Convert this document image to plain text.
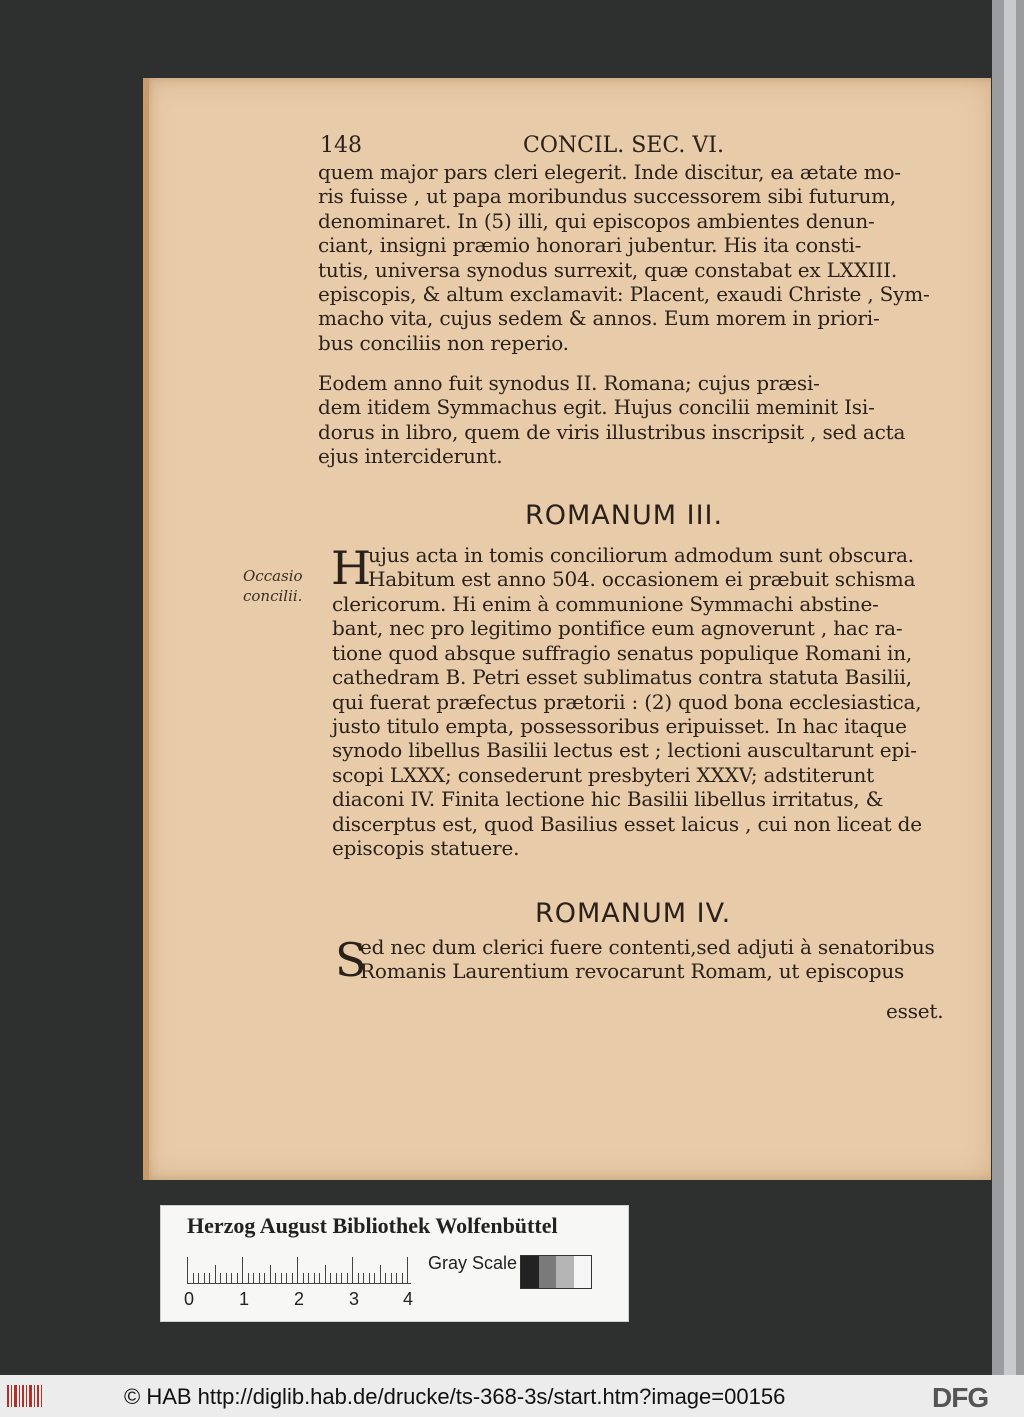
148	CONCIL. SEC. VI.
quem major pars cleri elegerit. Inde discitur, ea ætate mo-
ris fuisse , ut papa moribundus successorem sibi futurum,
denominaret. In (5) illi, qui episcopos ambientes denun-
ciant, insigni præmio honorari jubentur. His ita consti-
tutis, universa synodus surrexit, quæ constabat ex LXXIII.
episcopis, & altum exclamavit: Placent, exaudi Christe , Sym-
macho vita, cujus sedem & annos. Eum morem in priori-
bus conciliis non reperio.
Eodem anno fuit synodus II. Romana; cujus præsi-
dem itidem Symmachus egit. Hujus concilii meminit Isi-
dorus in libro, quem de viris illustribus inscripsit , sed acta
ejus interciderunt.
ROMANUM III.
Occasio
concilii.
H
ujus acta in tomis conciliorum admodum sunt obscura.
Habitum est anno 504. occasionem ei præbuit schisma
clericorum. Hi enim à communione Symmachi abstine-
bant, nec pro legitimo pontifice eum agnoverunt , hac ra-
tione quod absque suffragio senatus populique Romani in,
cathedram B. Petri esset sublimatus contra statuta Basilii,
qui fuerat præfectus prætorii : (2) quod bona ecclesiastica,
justo titulo empta, possessoribus eripuisset. In hac itaque
synodo libellus Basilii lectus est ; lectioni auscultarunt epi-
scopi LXXX; consederunt presbyteri XXXV; adstiterunt
diaconi IV. Finita lectione hic Basilii libellus irritatus, &
discerptus est, quod Basilius esset laicus , cui non liceat de
episcopis statuere.
ROMANUM IV.
S
ed nec dum clerici fuere contenti,sed adjuti à senatoribus
Romanis Laurentium revocarunt Romam, ut episcopus
esset.
Herzog August Bibliothek Wolfenbüttel
0 1 2 3 4
Gray Scale
© HAB http://diglib.hab.de/drucke/ts-368-3s/start.htm?image=00156	DFG
